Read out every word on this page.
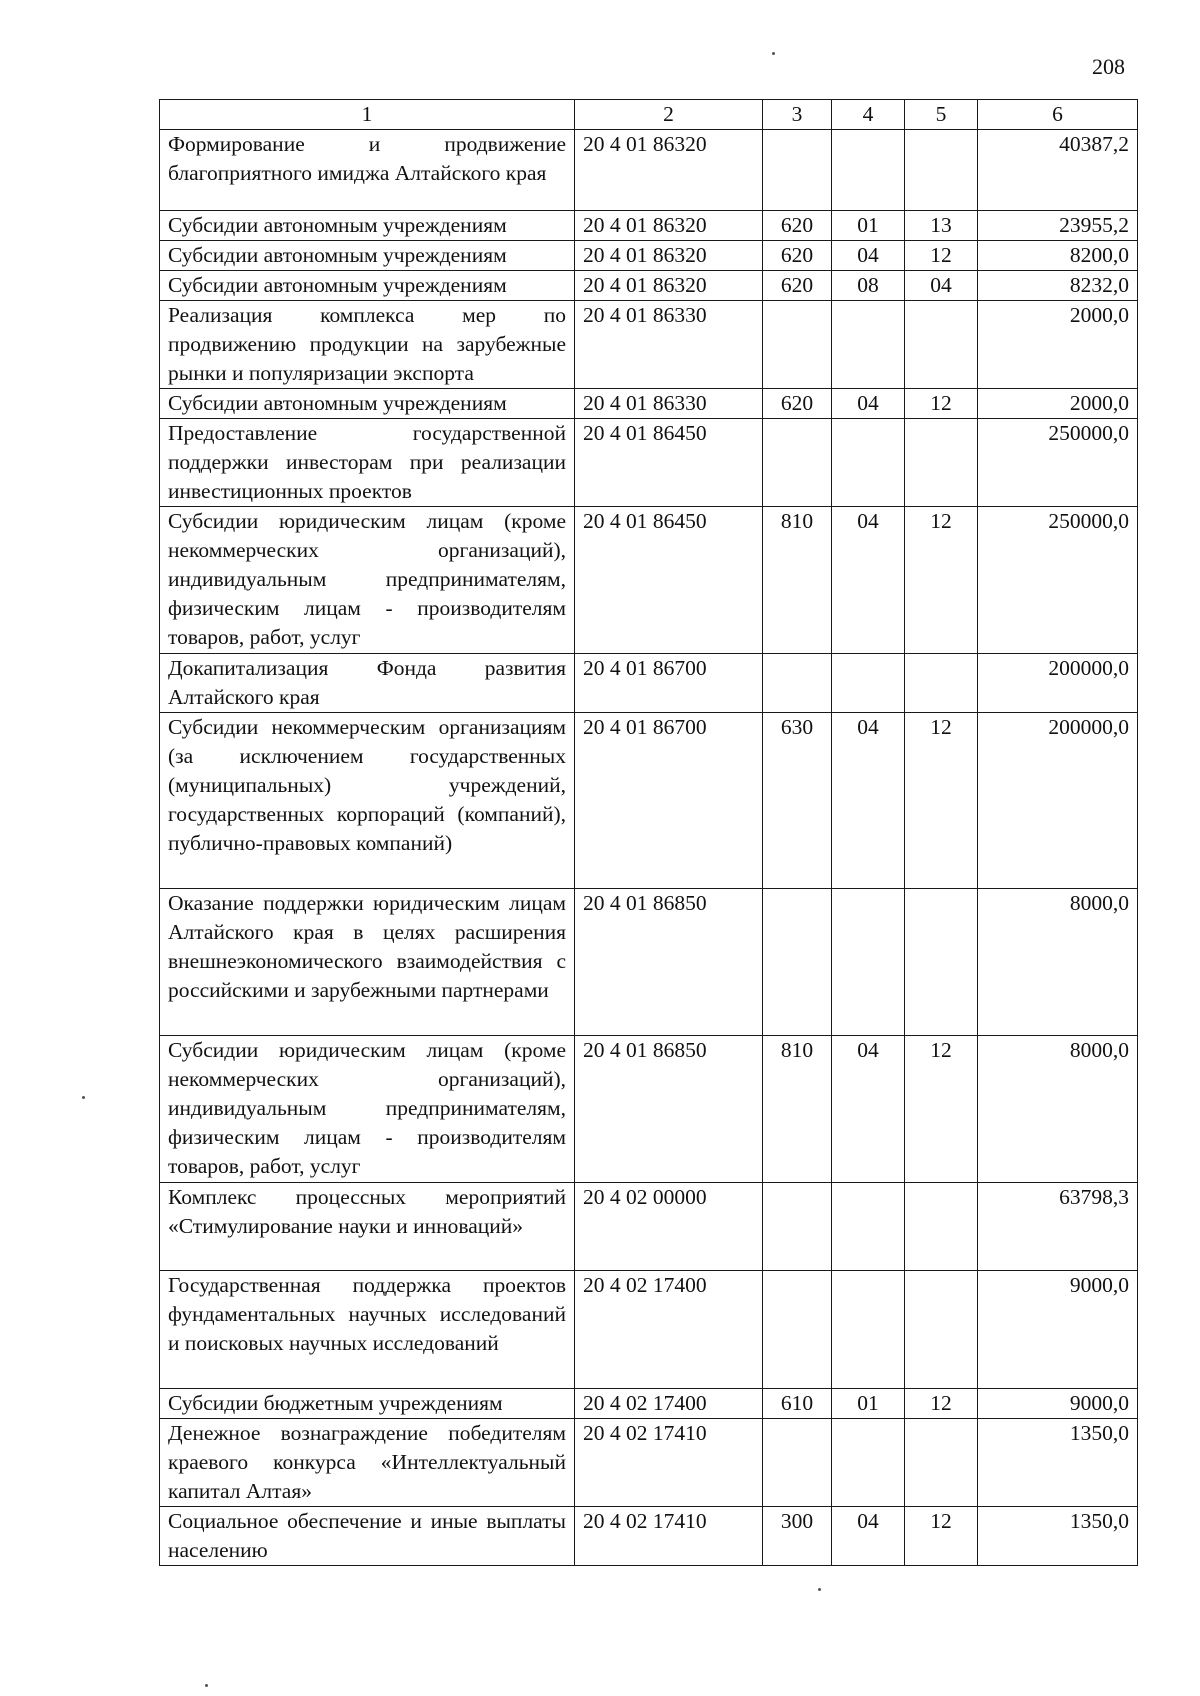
208
1	2	3	4	5	6
Формирование и продвижение благоприятного имиджа Алтайского края	20 4 01 86320				40387,2
Субсидии автономным учреждениям	20 4 01 86320	620	01	13	23955,2
Субсидии автономным учреждениям	20 4 01 86320	620	04	12	8200,0
Субсидии автономным учреждениям	20 4 01 86320	620	08	04	8232,0
Реализация комплекса мер по продвижению продукции на зарубежные рынки и популяризации экспорта	20 4 01 86330				2000,0
Субсидии автономным учреждениям	20 4 01 86330	620	04	12	2000,0
Предоставление государственной поддержки инвесторам при реализации инвестиционных проектов	20 4 01 86450				250000,0
Субсидии юридическим лицам (кроме некоммерческих организаций), индивидуальным предпринимателям, физическим лицам - производителям товаров, работ, услуг	20 4 01 86450	810	04	12	250000,0
Докапитализация Фонда развития Алтайского края	20 4 01 86700				200000,0
Субсидии некоммерческим организациям (за исключением государственных (муниципальных) учреждений, государственных корпораций (компаний), публично-правовых компаний)	20 4 01 86700	630	04	12	200000,0
Оказание поддержки юридическим лицам Алтайского края в целях расширения внешнеэкономического взаимодействия с российскими и зарубежными партнерами	20 4 01 86850				8000,0
Субсидии юридическим лицам (кроме некоммерческих организаций), индивидуальным предпринимателям, физическим лицам - производителям товаров, работ, услуг	20 4 01 86850	810	04	12	8000,0
Комплекс процессных мероприятий «Стимулирование науки и инноваций»	20 4 02 00000				63798,3
Государственная поддержка проектов фундаментальных научных исследований и поисковых научных исследований	20 4 02 17400				9000,0
Субсидии бюджетным учреждениям	20 4 02 17400	610	01	12	9000,0
Денежное вознаграждение победителям краевого конкурса «Интеллектуальный капитал Алтая»	20 4 02 17410				1350,0
Социальное обеспечение и иные выплаты населению	20 4 02 17410	300	04	12	1350,0
